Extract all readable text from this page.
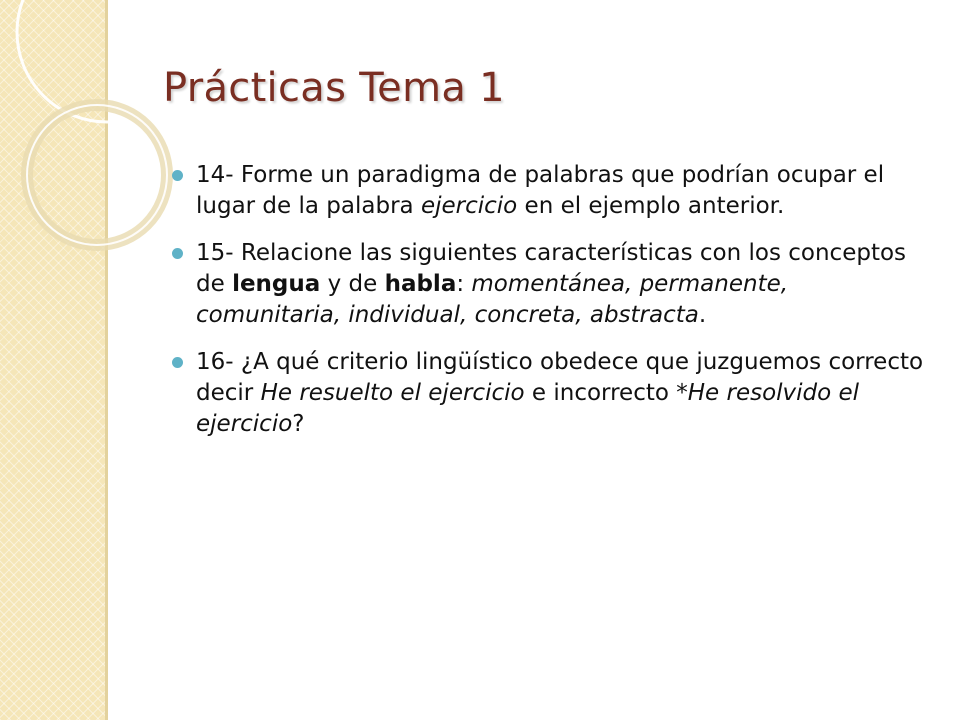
Prácticas Tema 1
14- Forme un paradigma de palabras que podrían ocupar el lugar de la palabra ejercicio en el ejemplo anterior.
15- Relacione las siguientes características con los conceptos de lengua y de habla: momentánea, permanente, comunitaria, individual, concreta, abstracta.
16- ¿A qué criterio lingüístico obedece que juzguemos correcto decir He resuelto el ejercicio e incorrecto *He resolvido el ejercicio?
